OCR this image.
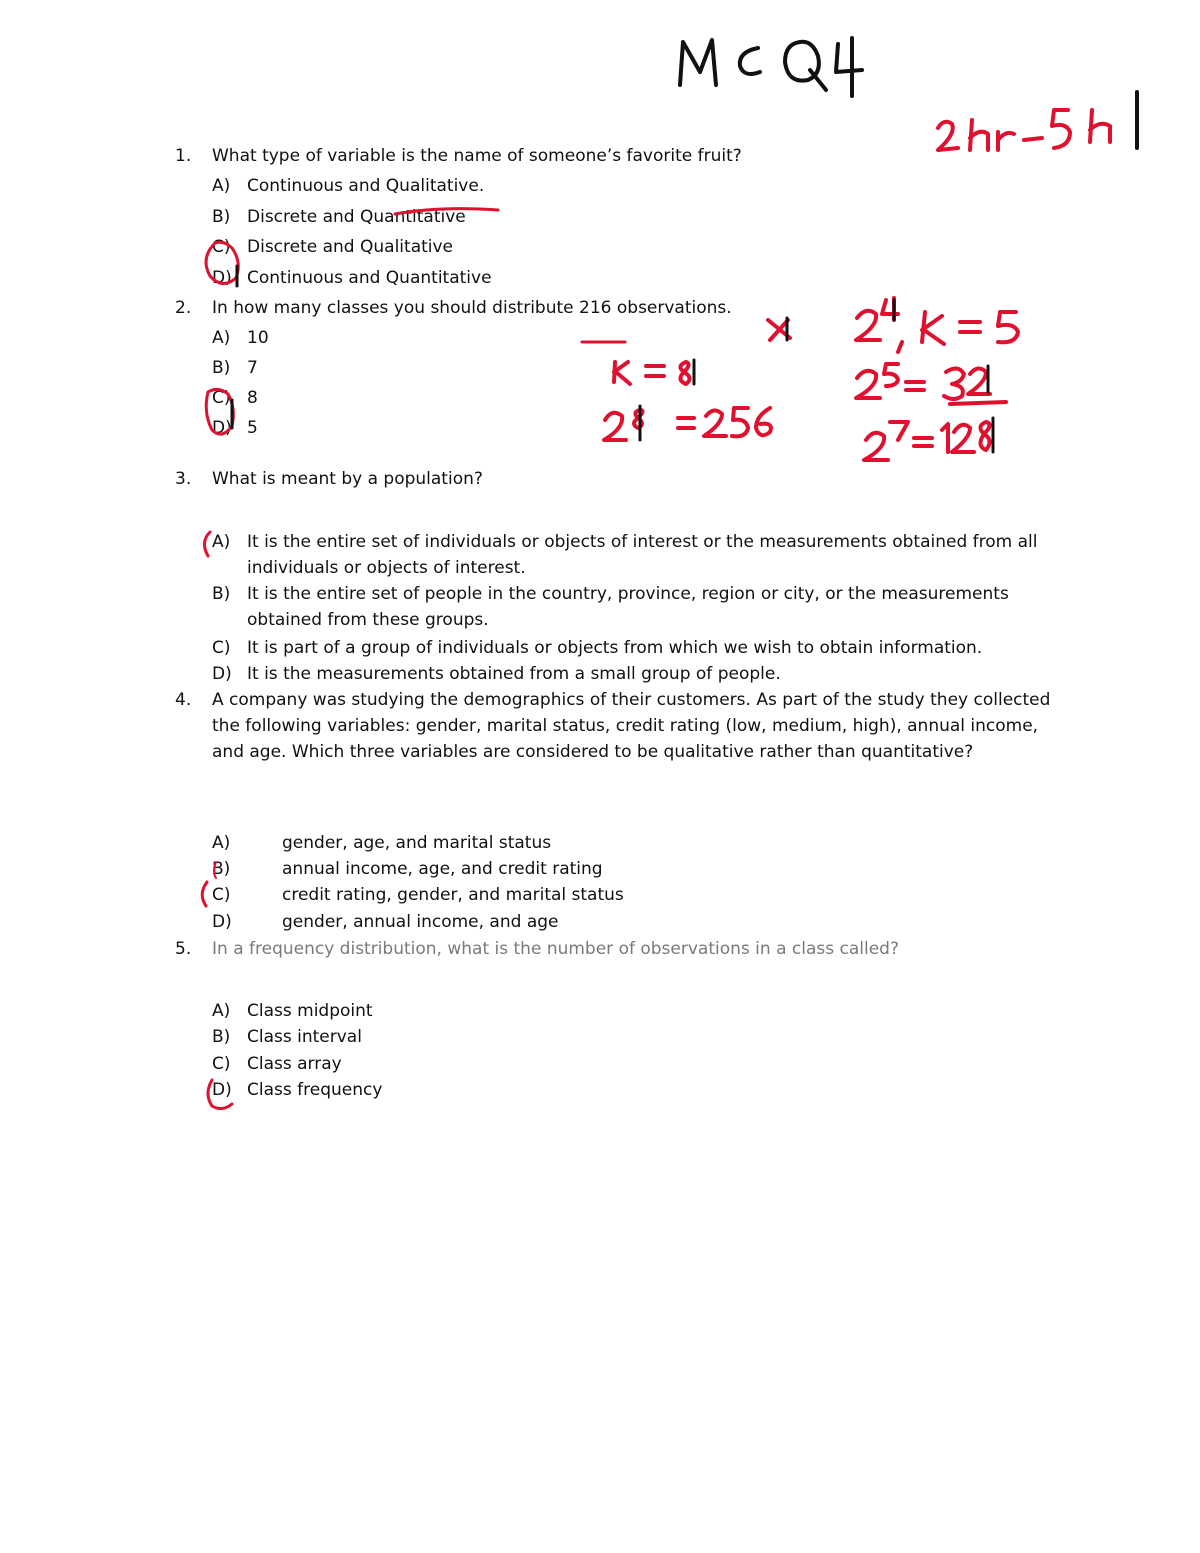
1.	What type of variable is the name of someone’s favorite fruit?
A) Continuous and Qualitative.
B) Discrete and Quantitative
C) Discrete and Qualitative
D) Continuous and Quantitative
2.	In how many classes you should distribute 216 observations.
A) 10
B) 7
C) 8
D) 5
3.	What is meant by a population?
A) It is the entire set of individuals or objects of interest or the measurements obtained from all individuals or objects of interest.
B) It is the entire set of people in the country, province, region or city, or the measurements obtained from these groups.
C) It is part of a group of individuals or objects from which we wish to obtain information.
D) It is the measurements obtained from a small group of people.
4.	A company was studying the demographics of their customers. As part of the study they collected the following variables: gender, marital status, credit rating (low, medium, high), annual income, and age. Which three variables are considered to be qualitative rather than quantitative?
A)	gender, age, and marital status
B)	annual income, age, and credit rating
C)	credit rating, gender, and marital status
D)	gender, annual income, and age
5.	In a frequency distribution, what is the number of observations in a class called?
A) Class midpoint
B) Class interval
C) Class array
D) Class frequency
